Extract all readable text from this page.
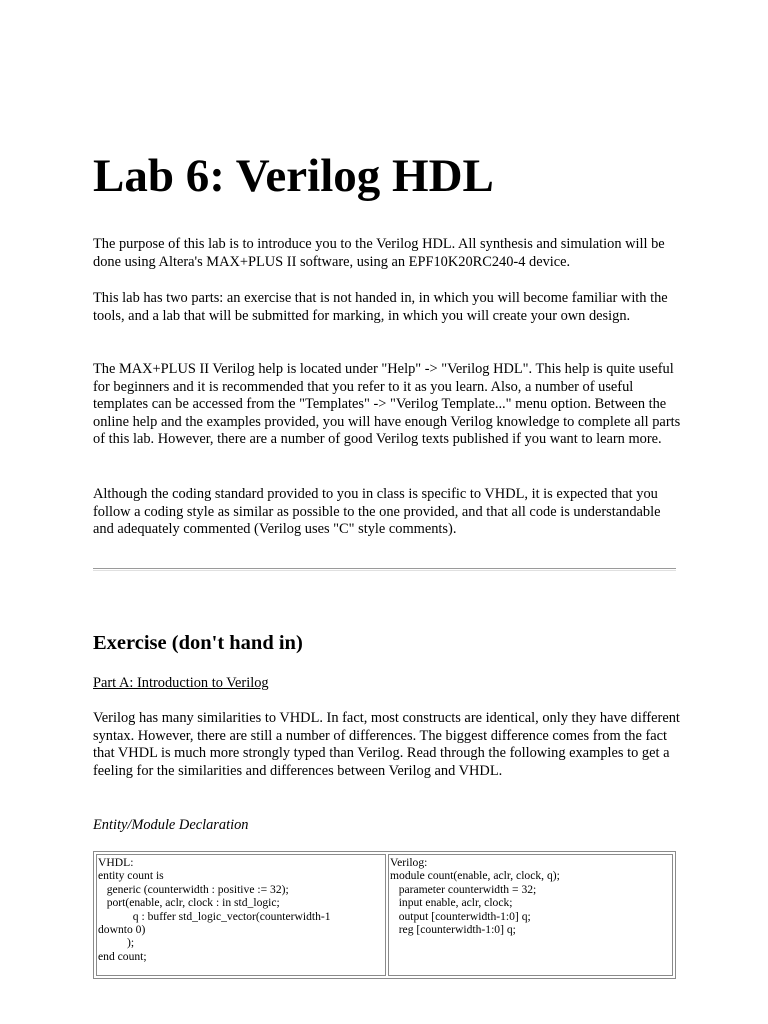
Lab 6: Verilog HDL

The purpose of this lab is to introduce you to the Verilog HDL. All synthesis and simulation will be done using Altera's MAX+PLUS II software, using an EPF10K20RC240-4 device.

This lab has two parts: an exercise that is not handed in, in which you will become familiar with the tools, and a lab that will be submitted for marking, in which you will create your own design.

The MAX+PLUS II Verilog help is located under "Help" -> "Verilog HDL". This help is quite useful for beginners and it is recommended that you refer to it as you learn. Also, a number of useful templates can be accessed from the "Templates" -> "Verilog Template..." menu option. Between the online help and the examples provided, you will have enough Verilog knowledge to complete all parts of this lab. However, there are a number of good Verilog texts published if you want to learn more.

Although the coding standard provided to you in class is specific to VHDL, it is expected that you follow a coding style as similar as possible to the one provided, and that all code is understandable and adequately commented (Verilog uses "C" style comments).

Exercise (don't hand in)

Part A: Introduction to Verilog

Verilog has many similarities to VHDL. In fact, most constructs are identical, only they have different syntax. However, there are still a number of differences. The biggest difference comes from the fact that VHDL is much more strongly typed than Verilog. Read through the following examples to get a feeling for the similarities and differences between Verilog and VHDL.

Entity/Module Declaration

VHDL:
entity count is
generic (counterwidth : positive := 32);
port(enable, aclr, clock : in std_logic;
q : buffer std_logic_vector(counterwidth-1
downto 0)
);
end count;
Verilog:
module count(enable, aclr, clock, q);
parameter counterwidth = 32;
input enable, aclr, clock;
output [counterwidth-1:0] q;
reg [counterwidth-1:0] q;
